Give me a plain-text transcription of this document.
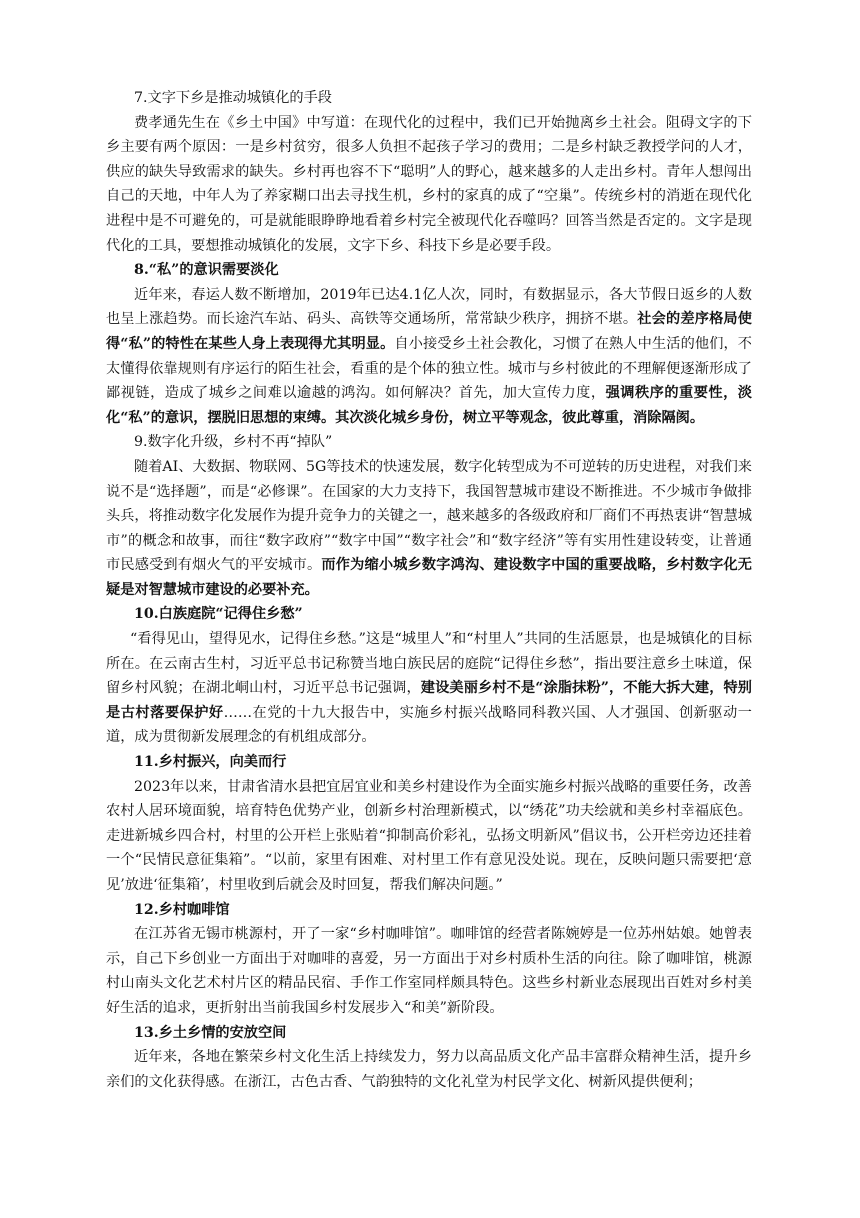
7.文字下乡是推动城镇化的手段

费孝通先生在《乡土中国》中写道：在现代化的过程中，我们已开始抛离乡土社会。阻碍文字的下乡主要有两个原因：一是乡村贫穷，很多人负担不起孩子学习的费用；二是乡村缺乏教授学问的人才，供应的缺失导致需求的缺失。乡村再也容不下“聪明”人的野心，越来越多的人走出乡村。青年人想闯出自己的天地，中年人为了养家糊口出去寻找生机，乡村的家真的成了“空巢”。传统乡村的消逝在现代化进程中是不可避免的，可是就能眼睁睁地看着乡村完全被现代化吞噬吗？回答当然是否定的。文字是现代化的工具，要想推动城镇化的发展，文字下乡、科技下乡是必要手段。

8.“私”的意识需要淡化

近年来，春运人数不断增加，2019年已达4.1亿人次，同时，有数据显示，各大节假日返乡的人数也呈上涨趋势。而长途汽车站、码头、高铁等交通场所，常常缺少秩序，拥挤不堪。社会的差序格局使得“私”的特性在某些人身上表现得尤其明显。自小接受乡土社会教化，习惯了在熟人中生活的他们，不太懂得依靠规则有序运行的陌生社会，看重的是个体的独立性。城市与乡村彼此的不理解便逐渐形成了鄙视链，造成了城乡之间难以逾越的鸿沟。如何解决？首先，加大宣传力度，强调秩序的重要性，淡化“私”的意识，摆脱旧思想的束缚。其次淡化城乡身份，树立平等观念，彼此尊重，消除隔阂。

9.数字化升级，乡村不再“掉队”

随着AI、大数据、物联网、5G等技术的快速发展，数字化转型成为不可逆转的历史进程，对我们来说不是“选择题”，而是“必修课”。在国家的大力支持下，我国智慧城市建设不断推进。不少城市争做排头兵，将推动数字化发展作为提升竞争力的关键之一，越来越多的各级政府和厂商们不再热衷讲“智慧城市”的概念和故事，而往“数字政府”“数字中国”“数字社会”和“数字经济”等有实用性建设转变，让普通市民感受到有烟火气的平安城市。而作为缩小城乡数字鸿沟、建设数字中国的重要战略，乡村数字化无疑是对智慧城市建设的必要补充。

10.白族庭院“记得住乡愁”

“看得见山，望得见水，记得住乡愁。”这是“城里人”和“村里人”共同的生活愿景，也是城镇化的目标所在。在云南古生村，习近平总书记称赞当地白族民居的庭院“记得住乡愁”，指出要注意乡土味道，保留乡村风貌；在湖北峒山村，习近平总书记强调，建设美丽乡村不是“涂脂抹粉”，不能大拆大建，特别是古村落要保护好……在党的十九大报告中，实施乡村振兴战略同科教兴国、人才强国、创新驱动一道，成为贯彻新发展理念的有机组成部分。

11.乡村振兴，向美而行

2023年以来，甘肃省清水县把宜居宜业和美乡村建设作为全面实施乡村振兴战略的重要任务，改善农村人居环境面貌，培育特色优势产业，创新乡村治理新模式，以“绣花”功夫绘就和美乡村幸福底色。走进新城乡四合村，村里的公开栏上张贴着“抑制高价彩礼，弘扬文明新风”倡议书，公开栏旁边还挂着一个“民情民意征集箱”。“以前，家里有困难、对村里工作有意见没处说。现在，反映问题只需要把‘意见’放进‘征集箱’，村里收到后就会及时回复，帮我们解决问题。”

12.乡村咖啡馆

在江苏省无锡市桃源村，开了一家“乡村咖啡馆”。咖啡馆的经营者陈婉婷是一位苏州姑娘。她曾表示，自己下乡创业一方面出于对咖啡的喜爱，另一方面出于对乡村质朴生活的向往。除了咖啡馆，桃源村山南头文化艺术村片区的精品民宿、手作工作室同样颇具特色。这些乡村新业态展现出百姓对乡村美好生活的追求，更折射出当前我国乡村发展步入“和美”新阶段。

13.乡土乡情的安放空间

近年来，各地在繁荣乡村文化生活上持续发力，努力以高品质文化产品丰富群众精神生活，提升乡亲们的文化获得感。在浙江，古色古香、气韵独特的文化礼堂为村民学文化、树新风提供便利；
